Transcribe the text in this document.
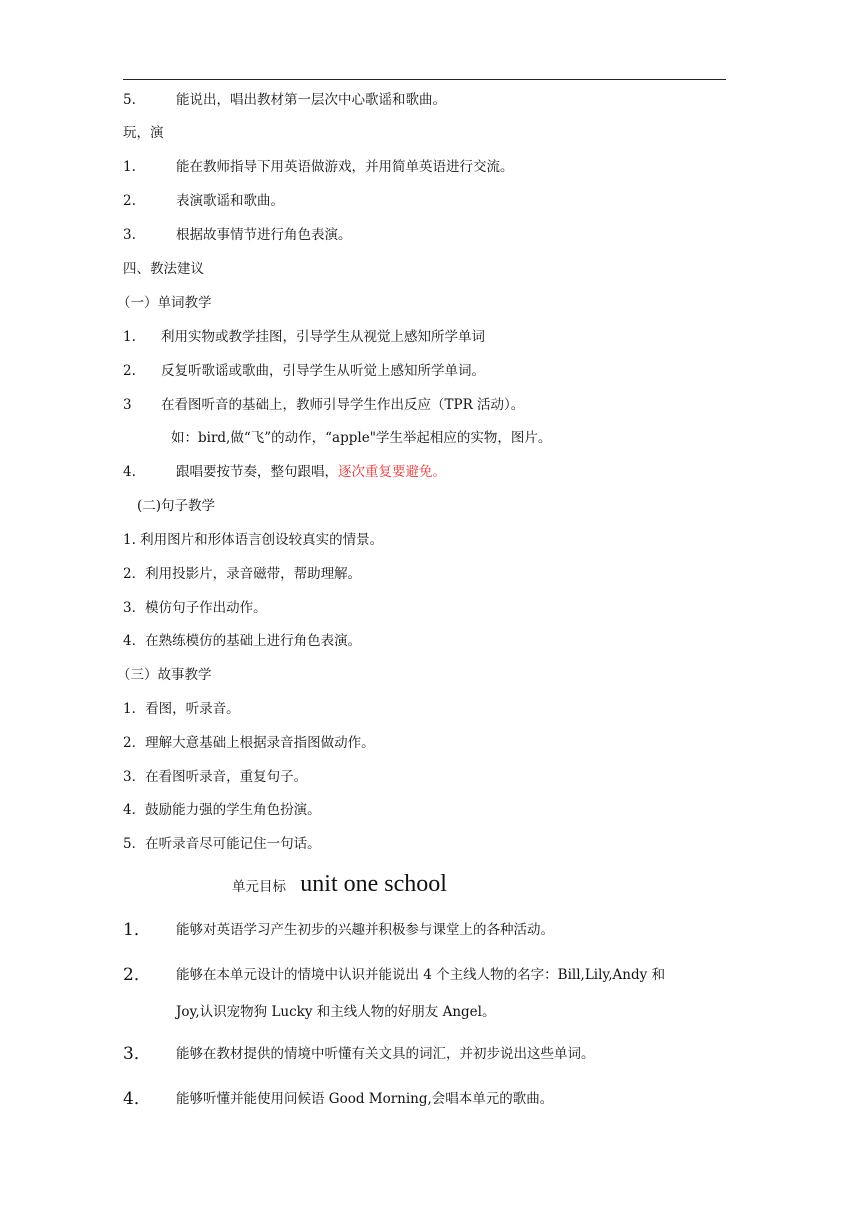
5.	能说出，唱出教材第一层次中心歌谣和歌曲。
玩，演
1.	能在教师指导下用英语做游戏，并用简单英语进行交流。
2.	表演歌谣和歌曲。
3.	根据故事情节进行角色表演。
四、教法建议
（一）单词教学
1. 利用实物或教学挂图，引导学生从视觉上感知所学单词
2. 反复听歌谣或歌曲，引导学生从听觉上感知所学单词。
3 在看图听音的基础上，教师引导学生作出反应（TPR 活动）。
如：bird,做“飞”的动作，“apple"学生举起相应的实物，图片。
4.	跟唱要按节奏，整句跟唱，逐次重复要避免。
(二)句子教学
1. 利用图片和形体语言创设较真实的情景。
2．利用投影片，录音磁带，帮助理解。
3．模仿句子作出动作。
4．在熟练模仿的基础上进行角色表演。
（三）故事教学
1．看图，听录音。
2．理解大意基础上根据录音指图做动作。
3．在看图听录音，重复句子。
4．鼓励能力强的学生角色扮演。
5．在听录音尽可能记住一句话。
单元目标 unit one school
1． 能够对英语学习产生初步的兴趣并积极参与课堂上的各种活动。
2． 能够在本单元设计的情境中认识并能说出 4 个主线人物的名字：Bill,Lily,Andy 和
Joy,认识宠物狗 Lucky 和主线人物的好朋友 Angel。
3． 能够在教材提供的情境中听懂有关文具的词汇，并初步说出这些单词。
4． 能够听懂并能使用问候语 Good Morning,会唱本单元的歌曲。
